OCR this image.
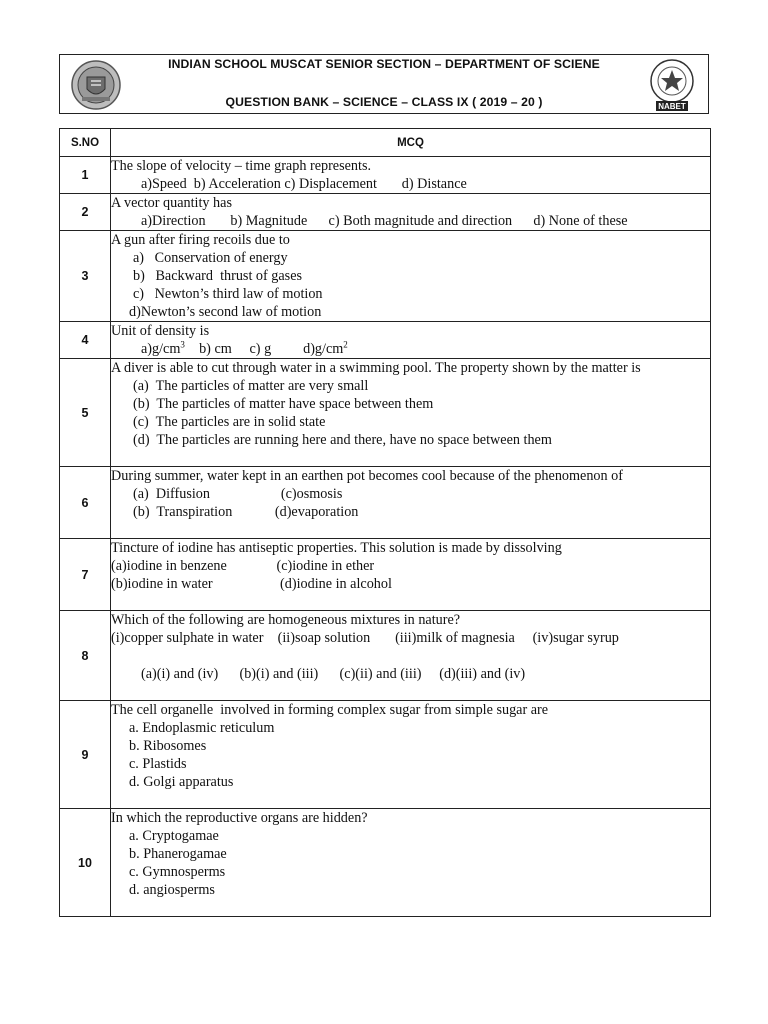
INDIAN SCHOOL MUSCAT SENIOR SECTION – DEPARTMENT OF SCIENE
QUESTION BANK – SCIENCE – CLASS IX ( 2019 – 20 )	NABET
S.NO	MCQ
1	The slope of velocity – time graph represents.
a)Speed  b) Acceleration c) Displacement       d) Distance

2	A vector quantity has
a)Direction       b) Magnitude      c) Both magnitude and direction      d) None of these

3	A gun after firing recoils due to
a)   Conservation of energy
b)   Backward  thrust of gases
c)   Newton’s third law of motion
d)Newton’s second law of motion

4	Unit of density is
$a)g/cm^3$    b) cm     c) g         $d)g/cm^2$

5	A diver is able to cut through water in a swimming pool. The property shown by the matter is
(a)  The particles of matter are very small
(b)  The particles of matter have space between them
(c)  The particles are in solid state
(d)  The particles are running here and there, have no space between them

6	During summer, water kept in an earthen pot becomes cool because of the phenomenon of
(a)  Diffusion                    (c)osmosis
(b)  Transpiration            (d)evaporation

7	Tincture of iodine has antiseptic properties. This solution is made by dissolving
(a)iodine in benzene              (c)iodine in ether
(b)iodine in water                   (d)iodine in alcohol

8	Which of the following are homogeneous mixtures in nature?
(i)copper sulphate in water    (ii)soap solution       (iii)milk of magnesia     (iv)sugar syrup
(a)(i) and (iv)      (b)(i) and (iii)      (c)(ii) and (iii)     (d)(iii) and (iv)

9	The cell organelle  involved in forming complex sugar from simple sugar are
a. Endoplasmic reticulum
b. Ribosomes
c. Plastids
d. Golgi apparatus

10	In which the reproductive organs are hidden?
a. Cryptogamae
b. Phanerogamae
c. Gymnosperms
d. angiosperms
